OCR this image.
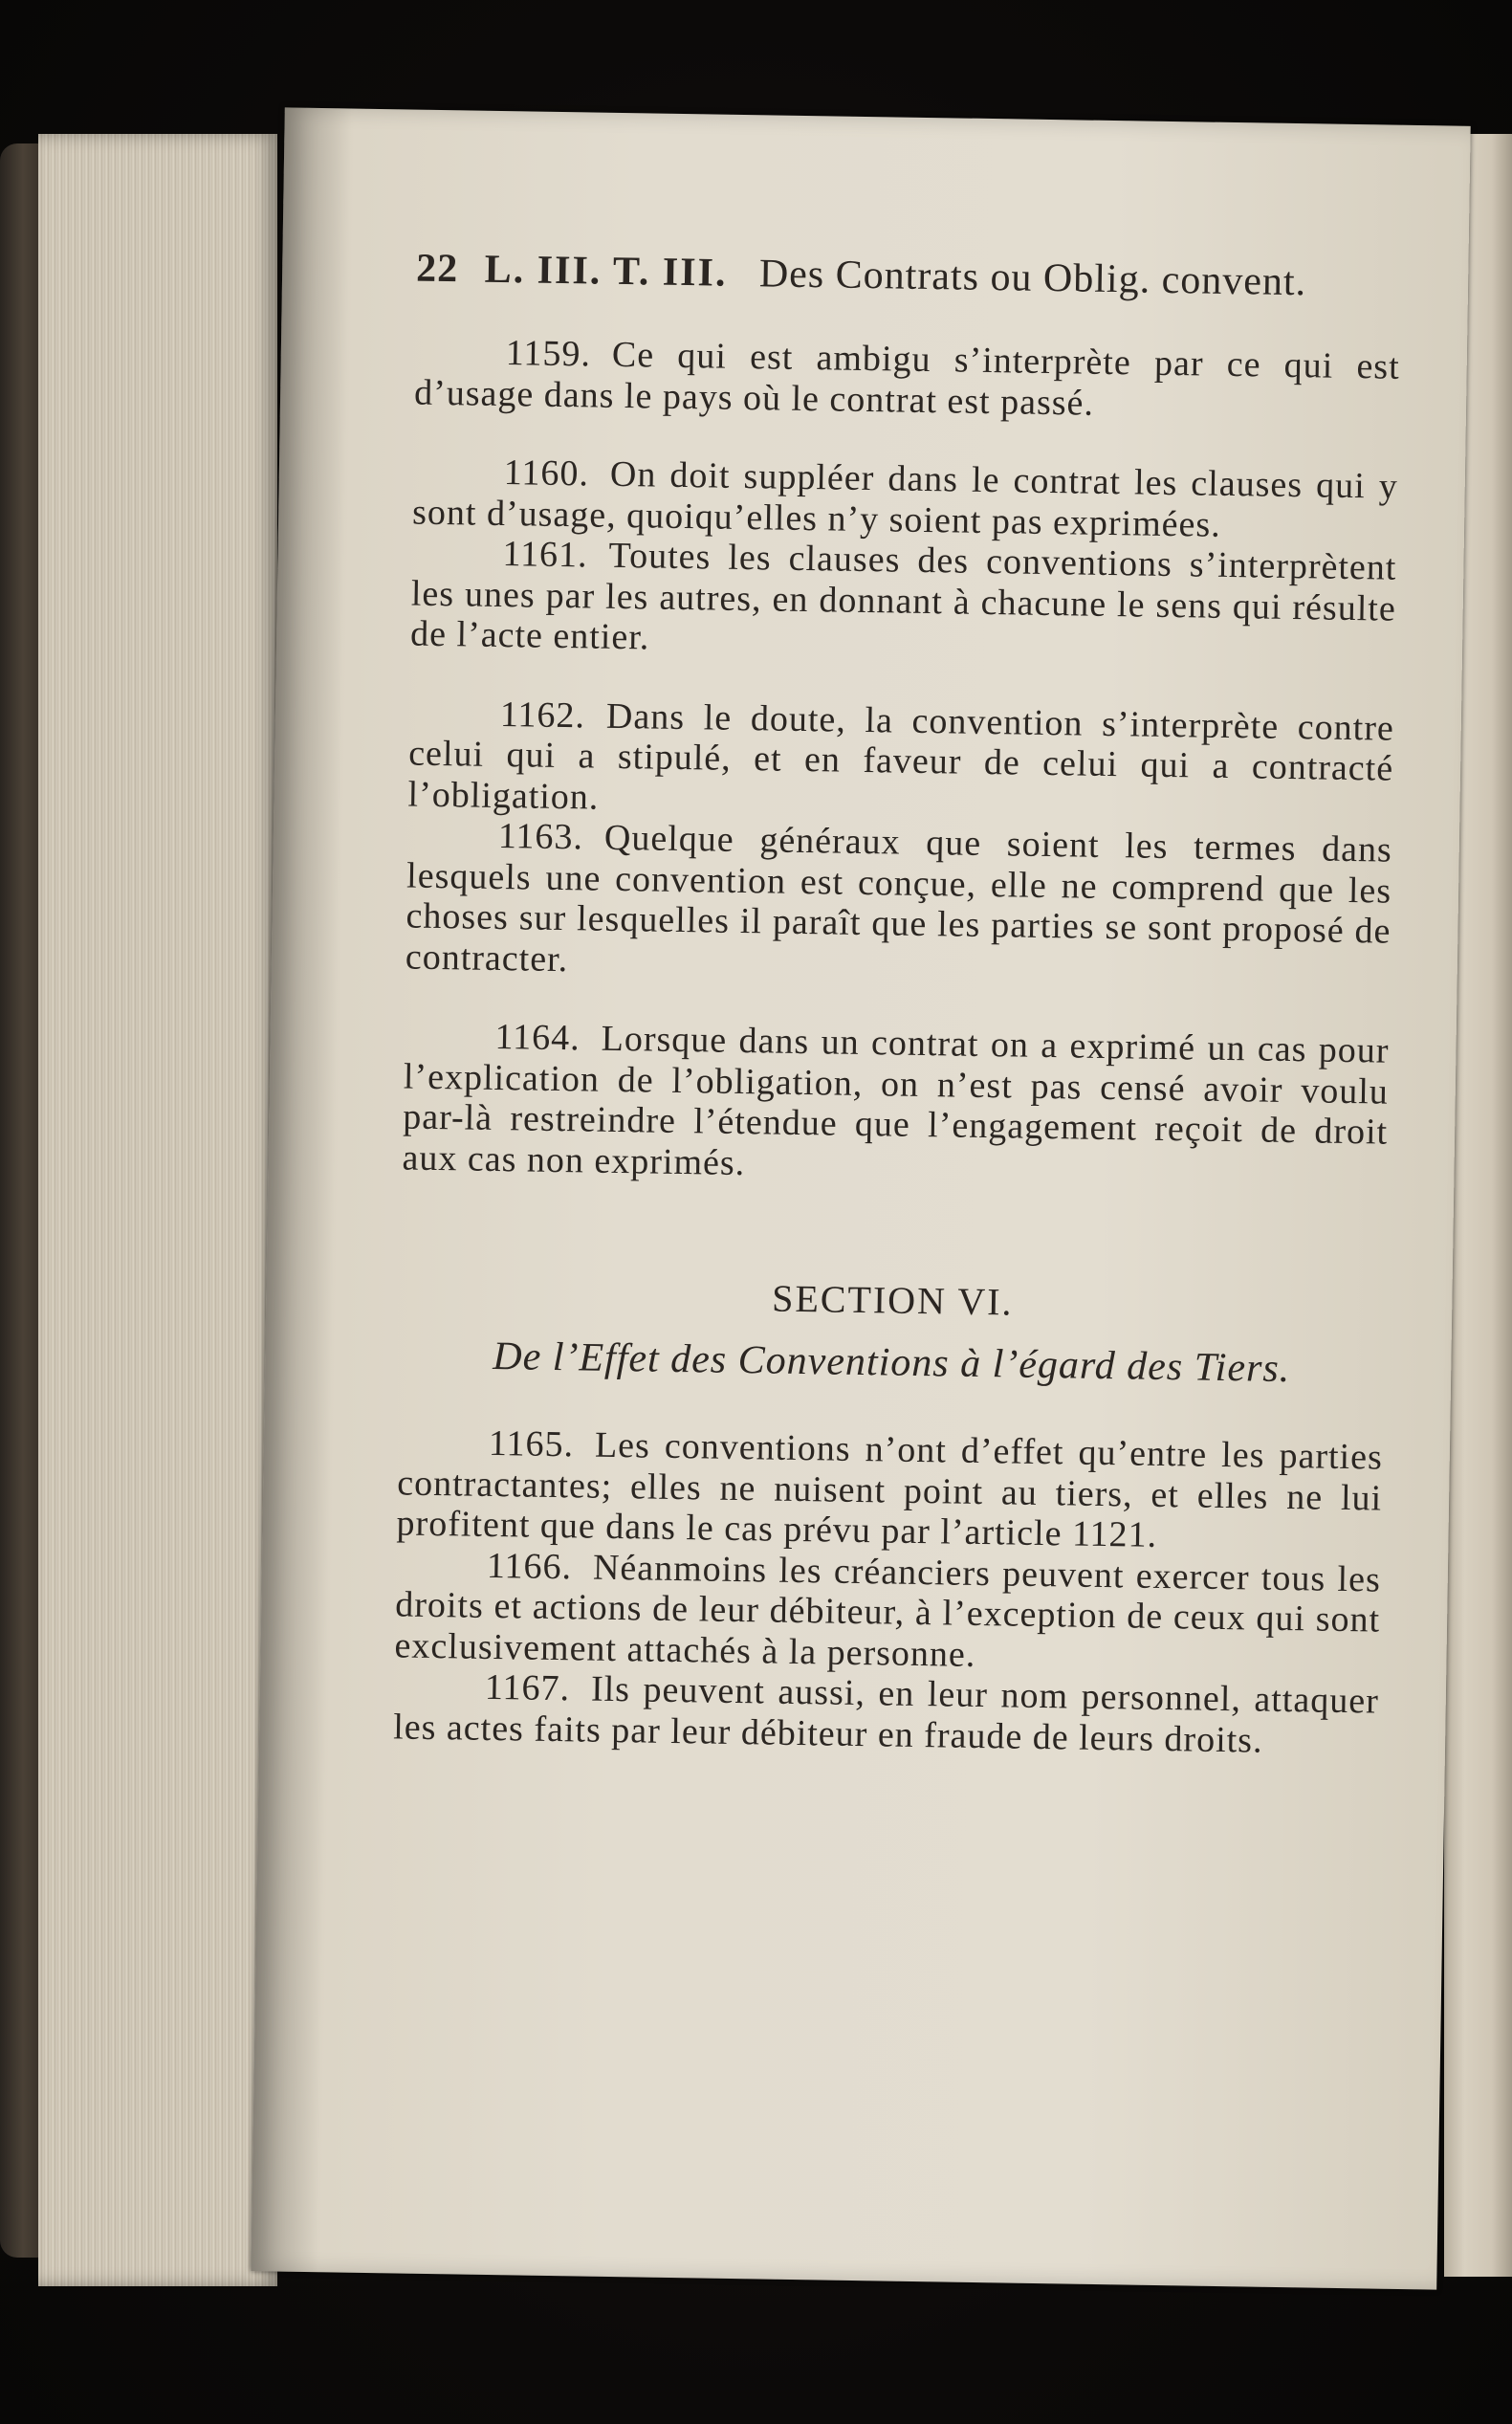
22 L. III. T. III. Des Contrats ou Oblig. convent.

1159. Ce qui est ambigu s’interprète par ce qui est d’usage dans le pays où le contrat est passé.

1160. On doit suppléer dans le contrat les clauses qui y sont d’usage, quoiqu’elles n’y soient pas exprimées.

1161. Toutes les clauses des conventions s’interprètent les unes par les autres, en donnant à chacune le sens qui résulte de l’acte entier.

1162. Dans le doute, la convention s’interprète contre celui qui a stipulé, et en faveur de celui qui a contracté l’obligation.

1163. Quelque généraux que soient les termes dans lesquels une convention est conçue, elle ne comprend que les choses sur lesquelles il paraît que les parties se sont proposé de contracter.

1164. Lorsque dans un contrat on a exprimé un cas pour l’explication de l’obligation, on n’est pas censé avoir voulu par-là restreindre l’étendue que l’engagement reçoit de droit aux cas non exprimés.

SECTION VI.
De l’Effet des Conventions à l’égard des Tiers.

1165. Les conventions n’ont d’effet qu’entre les parties contractantes; elles ne nuisent point au tiers, et elles ne lui profitent que dans le cas prévu par l’article 1121.

1166. Néanmoins les créanciers peuvent exercer tous les droits et actions de leur débiteur, à l’exception de ceux qui sont exclusivement attachés à la personne.

1167. Ils peuvent aussi, en leur nom personnel, attaquer les actes faits par leur débiteur en fraude de leurs droits.
